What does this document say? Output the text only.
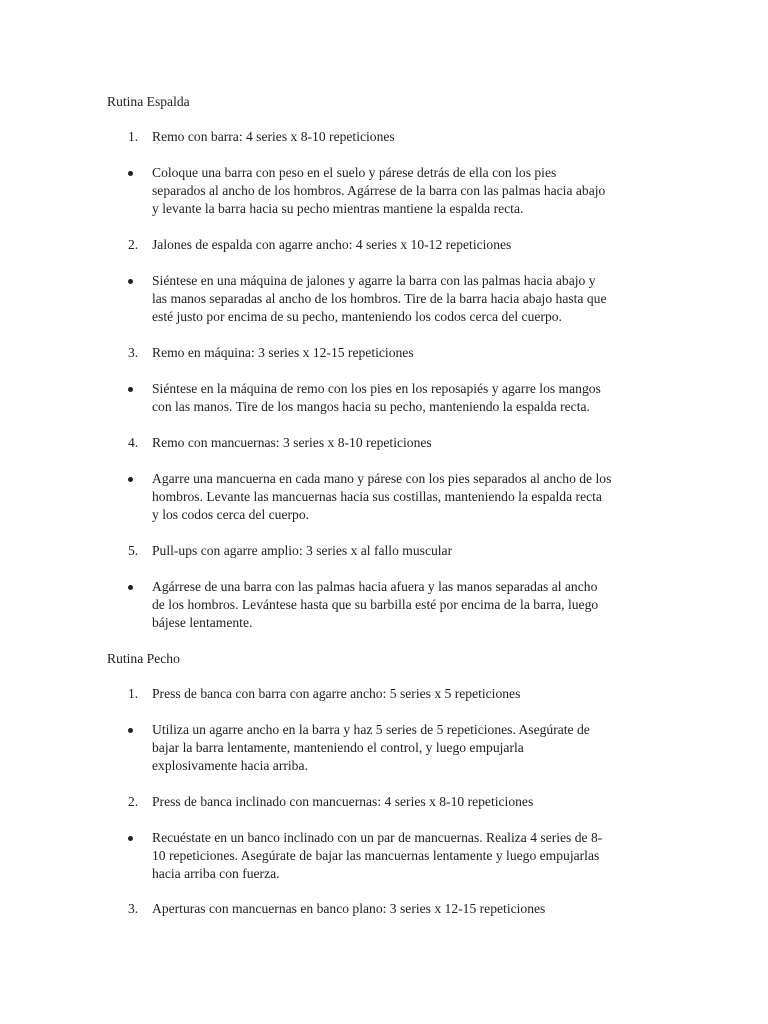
Rutina Espalda
1.	Remo con barra: 4 series x 8-10 repeticiones
Coloque una barra con peso en el suelo y párese detrás de ella con los pies
separados al ancho de los hombros. Agárrese de la barra con las palmas hacia abajo
y levante la barra hacia su pecho mientras mantiene la espalda recta.
2.	Jalones de espalda con agarre ancho: 4 series x 10-12 repeticiones
Siéntese en una máquina de jalones y agarre la barra con las palmas hacia abajo y
las manos separadas al ancho de los hombros. Tire de la barra hacia abajo hasta que
esté justo por encima de su pecho, manteniendo los codos cerca del cuerpo.
3.	Remo en máquina: 3 series x 12-15 repeticiones
Siéntese en la máquina de remo con los pies en los reposapiés y agarre los mangos
con las manos. Tire de los mangos hacia su pecho, manteniendo la espalda recta.
4.	Remo con mancuernas: 3 series x 8-10 repeticiones
Agarre una mancuerna en cada mano y párese con los pies separados al ancho de los
hombros. Levante las mancuernas hacia sus costillas, manteniendo la espalda recta
y los codos cerca del cuerpo.
5.	Pull-ups con agarre amplio: 3 series x al fallo muscular
Agárrese de una barra con las palmas hacia afuera y las manos separadas al ancho
de los hombros. Levántese hasta que su barbilla esté por encima de la barra, luego
bájese lentamente.
Rutina Pecho
1.	Press de banca con barra con agarre ancho: 5 series x 5 repeticiones
Utiliza un agarre ancho en la barra y haz 5 series de 5 repeticiones. Asegúrate de
bajar la barra lentamente, manteniendo el control, y luego empujarla
explosivamente hacia arriba.
2.	Press de banca inclinado con mancuernas: 4 series x 8-10 repeticiones
Recuéstate en un banco inclinado con un par de mancuernas. Realiza 4 series de 8-
10 repeticiones. Asegúrate de bajar las mancuernas lentamente y luego empujarlas
hacia arriba con fuerza.
3.	Aperturas con mancuernas en banco plano: 3 series x 12-15 repeticiones
